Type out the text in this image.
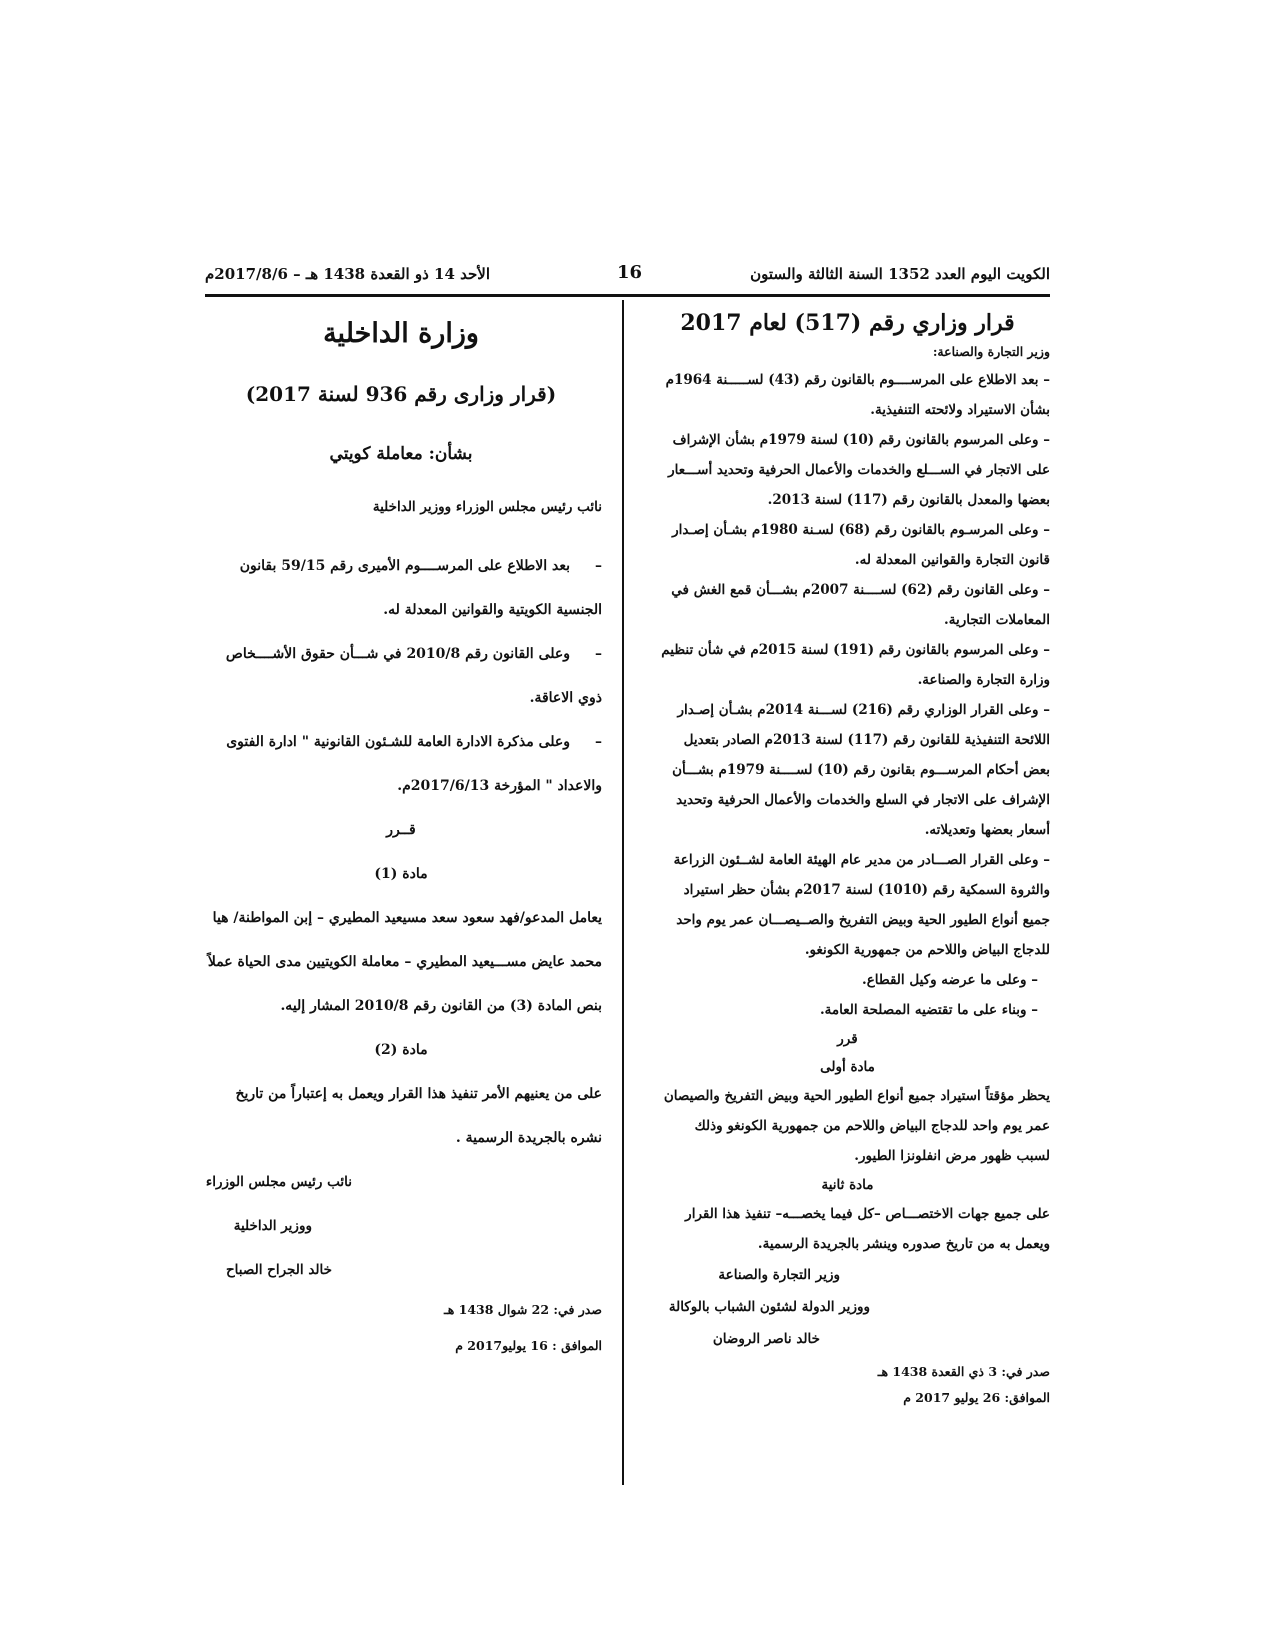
الكويت اليوم العدد 1352 السنة الثالثة والستون
16
الأحد 14 ذو القعدة 1438 هـ – 2017/8/6م
قرار وزاري رقم (517) لعام 2017
وزير التجارة والصناعة:
– بعد الاطلاع على المرســــوم بالقانون رقم (43) لســـــنة 1964م
بشأن الاستيراد ولائحته التنفيذية.
– وعلى المرسوم بالقانون رقم (10) لسنة 1979م بشأن الإشراف
على الاتجار في الســـلع والخدمات والأعمال الحرفية وتحديد أســـعار
بعضها والمعدل بالقانون رقم (117) لسنة 2013.
– وعلى المرسـوم بالقانون رقم (68) لسـنة 1980م بشـأن إصـدار
قانون التجارة والقوانين المعدلة له.
– وعلى القانون رقم (62) لســــنة 2007م بشـــأن قمع الغش في
المعاملات التجارية.
– وعلى المرسوم بالقانون رقم (191) لسنة 2015م في شأن تنظيم
وزارة التجارة والصناعة.
– وعلى القرار الوزاري رقم (216) لســـنة 2014م بشـأن إصـدار
اللائحة التنفيذية للقانون رقم (117) لسنة 2013م الصادر بتعديل
بعض أحكام المرســـوم بقانون رقم (10) لســــنة 1979م بشـــأن
الإشراف على الاتجار في السلع والخدمات والأعمال الحرفية وتحديد
أسعار بعضها وتعديلاته.
– وعلى القرار الصـــادر من مدير عام الهيئة العامة لشــئون الزراعة
والثروة السمكية رقم (1010) لسنة 2017م بشأن حظر استيراد
جميع أنواع الطيور الحية وبيض التفريخ والصــيصـــان عمر يوم واحد
للدجاج البياض واللاحم من جمهورية الكونغو.
– وعلى ما عرضه وكيل القطاع.
– وبناء على ما تقتضيه المصلحة العامة.
قرر
مادة أولى
يحظر مؤقتاً استيراد جميع أنواع الطيور الحية وبيض التفريخ والصيصان
عمر يوم واحد للدجاج البياض واللاحم من جمهورية الكونغو وذلك
لسبب ظهور مرض انفلونزا الطيور.
مادة ثانية
على جميع جهات الاختصـــاص –كل فيما يخصـــه– تنفيذ هذا القرار
ويعمل به من تاريخ صدوره وينشر بالجريدة الرسمية.
وزير التجارة والصناعة
ووزير الدولة لشئون الشباب بالوكالة
خالد ناصر الروضان
صدر في: 3 ذي القعدة 1438 هـ
الموافق: 26 يوليو 2017 م
وزارة الداخلية
(قرار وزارى رقم 936 لسنة 2017)
بشأن: معاملة كويتي
نائب رئيس مجلس الوزراء ووزير الداخلية
–بعد الاطلاع على المرســــوم الأميرى رقم 59/15 بقانون
الجنسية الكويتية والقوانين المعدلة له.
–وعلى القانون رقم 2010/8 في شـــأن حقوق الأشــــخاص
ذوي الاعاقة.
–وعلى مذكرة الادارة العامة للشـئون القانونية " ادارة الفتوى
والاعداد " المؤرخة 2017/6/13م.
قــرر
مادة (1)
يعامل المدعو/فهد سعود سعد مسيعيد المطيري – إبن المواطنة/ هيا
محمد عايض مســـيعيد المطيري – معاملة الكويتيين مدى الحياة عملاً
بنص المادة (3) من القانون رقم 2010/8 المشار إليه.
مادة (2)
على من يعنيهم الأمر تنفيذ هذا القرار ويعمل به إعتباراً من تاريخ
نشره بالجريدة الرسمية .
نائب رئيس مجلس الوزراء
ووزير الداخلية
خالد الجراح الصباح
صدر في: 22 شوال 1438 هـ
الموافق : 16 يوليو2017 م
